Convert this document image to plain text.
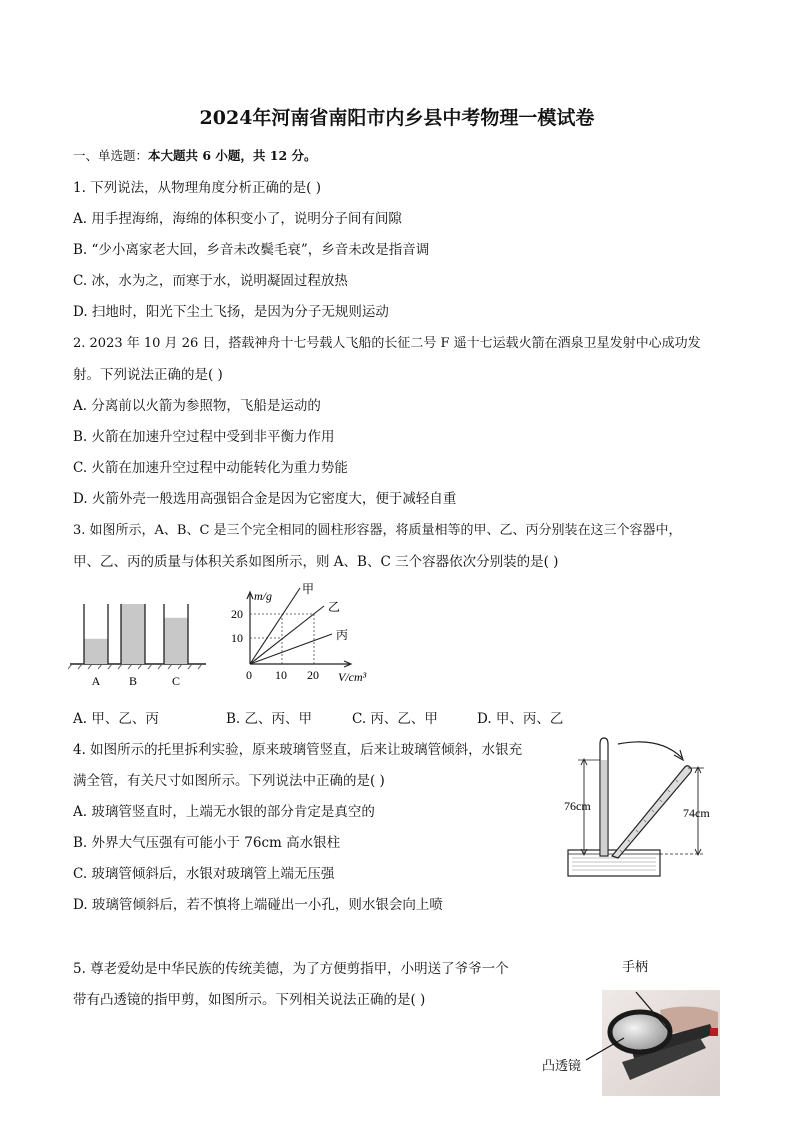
2024年河南省南阳市内乡县中考物理一模试卷
一、单选题：本大题共 6 小题，共 12 分。
1. 下列说法，从物理角度分析正确的是( )
A. 用手捏海绵，海绵的体积变小了，说明分子间有间隙
B. “少小离家老大回，乡音未改鬓毛衰”，乡音未改是指音调
C. 冰，水为之，而寒于水，说明凝固过程放热
D. 扫地时，阳光下尘土飞扬，是因为分子无规则运动
2. 2023 年 10 月 26 日，搭载神舟十七号载人飞船的长征二号 F 遥十七运载火箭在酒泉卫星发射中心成功发
射。下列说法正确的是( )
A. 分离前以火箭为参照物，飞船是运动的
B. 火箭在加速升空过程中受到非平衡力作用
C. 火箭在加速升空过程中动能转化为重力势能
D. 火箭外壳一般选用高强铝合金是因为它密度大，便于减轻自重
3. 如图所示，A、B、C 是三个完全相同的圆柱形容器，将质量相等的甲、乙、丙分别装在这三个容器中，
甲、乙、丙的质量与体积关系如图所示，则 A、B、C 三个容器依次分别装的是( )
A B	C
m/g
20
10
0 10 20 V/cm³
甲
乙
丙
A. 甲、乙、丙	B. 乙、丙、甲	C. 丙、乙、甲	D. 甲、丙、乙
4. 如图所示的托里拆利实验，原来玻璃管竖直，后来让玻璃管倾斜，水银充
满全管，有关尺寸如图所示。下列说法中正确的是( )
A. 玻璃管竖直时，上端无水银的部分肯定是真空的
B. 外界大气压强有可能小于 76cm 高水银柱
C. 玻璃管倾斜后，水银对玻璃管上端无压强
D. 玻璃管倾斜后，若不慎将上端碰出一小孔，则水银会向上喷
76cm	74cm
5. 尊老爱幼是中华民族的传统美德，为了方便剪指甲，小明送了爷爷一个
带有凸透镜的指甲剪，如图所示。下列相关说法正确的是( )
手柄
凸透镜
